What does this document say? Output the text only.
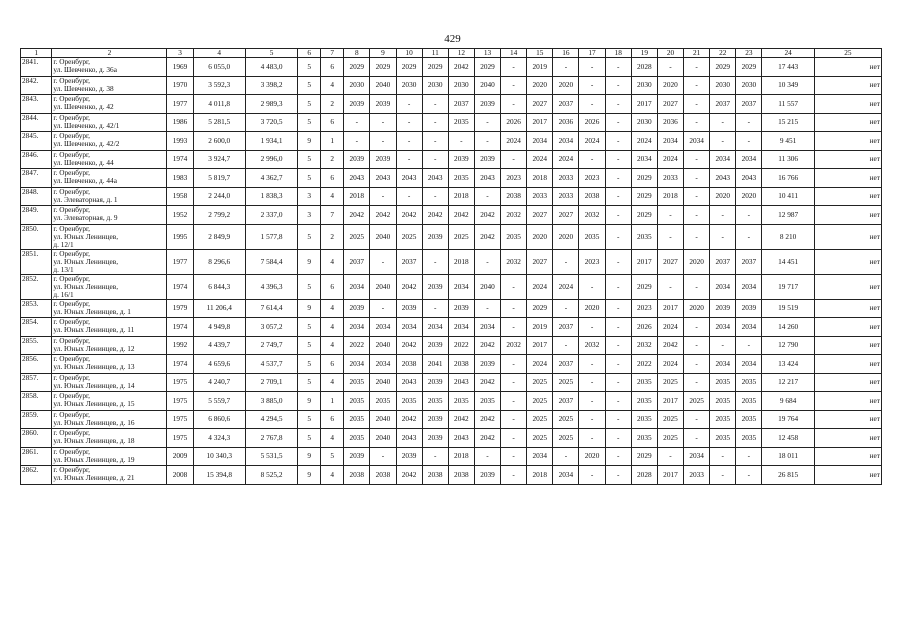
429
1	2	3	4	5	6	7	8	9	10	11	12	13	14	15	16	17	18	19	20	21	22	23	24	25
2841.	г. Оренбург,
ул. Шевченко, д. 36а	1969	6 055,0	4 483,0	5	6	2029	2029	2029	2029	2042	2029	-	2019	-	-	-	2028	-	-	2029	2029	17 443	нет
2842.	г. Оренбург,
ул. Шевченко, д. 38	1970	3 592,3	3 398,2	5	4	2030	2040	2030	2030	2030	2040	-	2020	2020	-	-	2030	2020	-	2030	2030	10 349	нет
2843.	г. Оренбург,
ул. Шевченко, д. 42	1977	4 011,8	2 989,3	5	2	2039	2039	-	-	2037	2039	-	2027	2037	-	-	2017	2027	-	2037	2037	11 557	нет
2844.	г. Оренбург,
ул. Шевченко, д. 42/1	1986	5 281,5	3 720,5	5	6	-	-	-	-	2035	-	2026	2017	2036	2026	-	2030	2036	-	-	-	15 215	нет
2845.	г. Оренбург,
ул. Шевченко, д. 42/2	1993	2 600,0	1 934,1	9	1	-	-	-	-	-	-	2024	2034	2034	2024	-	2024	2034	2034	-	-	9 451	нет
2846.	г. Оренбург,
ул. Шевченко, д. 44	1974	3 924,7	2 996,0	5	2	2039	2039	-	-	2039	2039	-	2024	2024	-	-	2034	2024	-	2034	2034	11 306	нет
2847.	г. Оренбург,
ул. Шевченко, д. 44а	1983	5 819,7	4 362,7	5	6	2043	2043	2043	2043	2035	2043	2023	2018	2033	2023	-	2029	2033	-	2043	2043	16 766	нет
2848.	г. Оренбург,
ул. Элеваторная, д. 1	1958	2 244,0	1 838,3	3	4	2018	-	-	-	2018	-	2038	2033	2033	2038	-	2029	2018	-	2020	2020	10 411	нет
2849.	г. Оренбург,
ул. Элеваторная, д. 9	1952	2 799,2	2 337,0	3	7	2042	2042	2042	2042	2042	2042	2032	2027	2027	2032	-	2029	-	-	-	-	12 987	нет
2850.	г. Оренбург,
ул. Юных Ленинцев,
д. 12/1	1995	2 849,9	1 577,8	5	2	2025	2040	2025	2039	2025	2042	2035	2020	2020	2035	-	2035	-	-	-	-	8 210	нет
2851.	г. Оренбург,
ул. Юных Ленинцев,
д. 13/1	1977	8 296,6	7 584,4	9	4	2037	-	2037	-	2018	-	2032	2027	-	2023	-	2017	2027	2020	2037	2037	14 451	нет
2852.	г. Оренбург,
ул. Юных Ленинцев,
д. 16/1	1974	6 844,3	4 396,3	5	6	2034	2040	2042	2039	2034	2040	-	2024	2024	-	-	2029	-	-	2034	2034	19 717	нет
2853.	г. Оренбург,
ул. Юных Ленинцев, д. 1	1979	11 206,4	7 614,4	9	4	2039	-	2039	-	2039	-	-	2029	-	2020	-	2023	2017	2020	2039	2039	19 519	нет
2854.	г. Оренбург,
ул. Юных Ленинцев, д. 11	1974	4 949,8	3 057,2	5	4	2034	2034	2034	2034	2034	2034	-	2019	2037	-	-	2026	2024	-	2034	2034	14 260	нет
2855.	г. Оренбург,
ул. Юных Ленинцев, д. 12	1992	4 439,7	2 749,7	5	4	2022	2040	2042	2039	2022	2042	2032	2017	-	2032	-	2032	2042	-	-	-	12 790	нет
2856.	г. Оренбург,
ул. Юных Ленинцев, д. 13	1974	4 659,6	4 537,7	5	6	2034	2034	2038	2041	2038	2039	-	2024	2037	-	-	2022	2024	-	2034	2034	13 424	нет
2857.	г. Оренбург,
ул. Юных Ленинцев, д. 14	1975	4 240,7	2 709,1	5	4	2035	2040	2043	2039	2043	2042	-	2025	2025	-	-	2035	2025	-	2035	2035	12 217	нет
2858.	г. Оренбург,
ул. Юных Ленинцев, д. 15	1975	5 559,7	3 885,0	9	1	2035	2035	2035	2035	2035	2035	-	2025	2037	-	-	2035	2017	2025	2035	2035	9 684	нет
2859.	г. Оренбург,
ул. Юных Ленинцев, д. 16	1975	6 860,6	4 294,5	5	6	2035	2040	2042	2039	2042	2042	-	2025	2025	-	-	2035	2025	-	2035	2035	19 764	нет
2860.	г. Оренбург,
ул. Юных Ленинцев, д. 18	1975	4 324,3	2 767,8	5	4	2035	2040	2043	2039	2043	2042	-	2025	2025	-	-	2035	2025	-	2035	2035	12 458	нет
2861.	г. Оренбург,
ул. Юных Ленинцев, д. 19	2009	10 340,3	5 531,5	9	5	2039	-	2039	-	2018	-	-	2034	-	2020	-	2029	-	2034	-	-	18 011	нет
2862.	г. Оренбург,
ул. Юных Ленинцев, д. 21	2008	15 394,8	8 525,2	9	4	2038	2038	2042	2038	2038	2039	-	2018	2034	-	-	2028	2017	2033	-	-	26 815	нет
